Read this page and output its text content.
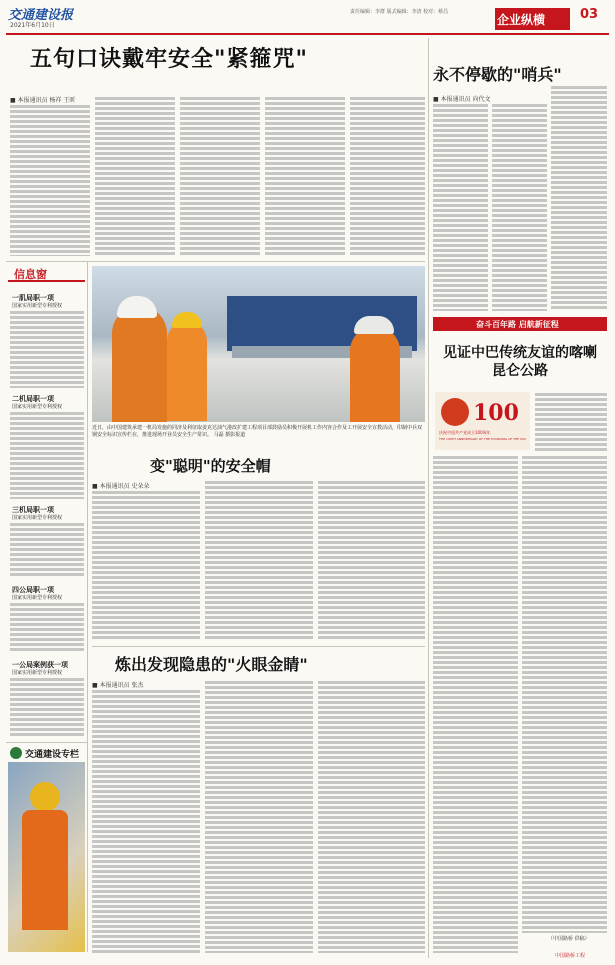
交通建设报
2021年6月10日
责任编辑：李群 版式编辑：李清 校对：蔡昌
企业纵横	03
五句口诀戴牢安全"紧箍咒"
■ 本报通讯员 杨祥 王昕
永不停歇的"哨兵"
■ 本报通讯员 向代文
奋斗百年路 启航新征程
见证中巴传统友谊的喀喇昆仑公路
100
庆祝中国共产党成立100周年
THE 100TH ANNIVERSARY OF THE FOUNDING OF THE CPC
（中国路桥 供稿）
中国路桥工程
信息窗
一肌局职一项
国家实用新型专利授权
二机局职一项
国家实用新型专利授权
三机局职一项
国家实用新型专利授权
四公局职一项
国家实用新型专利授权
一公局案例获一项
国家实用新型专利授权
交通建设专栏
近日，由中国建筑承建一机局发施的同济及利征取姜克达油气港改扩建工程项目部鼓励员积极开展机工作内容合作及工开展安全宣教活动，印制中兵双钢安全标识宣传栏在，推进现场开业员安全生产常识。 马磊 摄影报道
变"聪明"的安全帽
■ 本报通讯员 史朵朵
炼出发现隐患的"火眼金睛"
■ 本报通讯员 张杰
